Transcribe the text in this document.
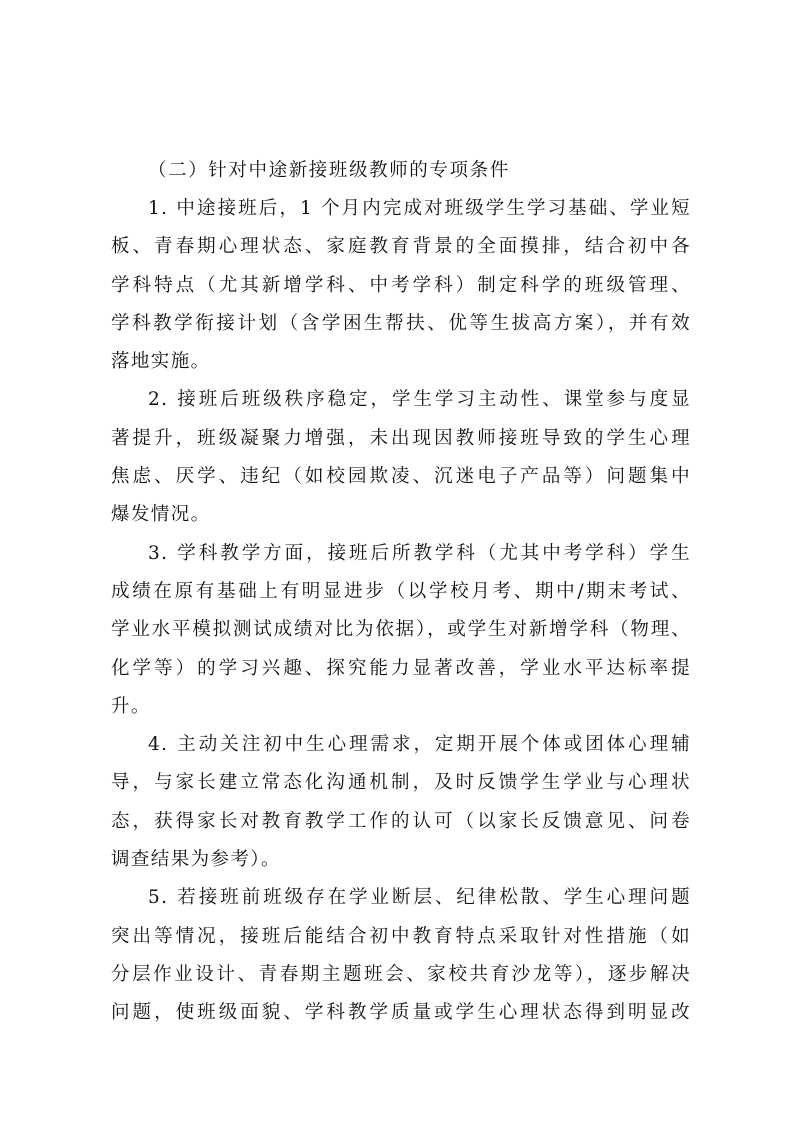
（二）针对中途新接班级教师的专项条件

1. 中途接班后，1 个月内完成对班级学生学习基础、学业短
板、青春期心理状态、家庭教育背景的全面摸排，结合初中各
学科特点（尤其新增学科、中考学科）制定科学的班级管理、
学科教学衔接计划（含学困生帮扶、优等生拔高方案），并有效
落地实施。
2. 接班后班级秩序稳定，学生学习主动性、课堂参与度显
著提升，班级凝聚力增强，未出现因教师接班导致的学生心理
焦虑、厌学、违纪（如校园欺凌、沉迷电子产品等）问题集中
爆发情况。
3. 学科教学方面，接班后所教学科（尤其中考学科）学生
成绩在原有基础上有明显进步（以学校月考、期中/期末考试、
学业水平模拟测试成绩对比为依据），或学生对新增学科（物理、
化学等）的学习兴趣、探究能力显著改善，学业水平达标率提
升。
4. 主动关注初中生心理需求，定期开展个体或团体心理辅
导，与家长建立常态化沟通机制，及时反馈学生学业与心理状
态，获得家长对教育教学工作的认可（以家长反馈意见、问卷
调查结果为参考）。
5. 若接班前班级存在学业断层、纪律松散、学生心理问题
突出等情况，接班后能结合初中教育特点采取针对性措施（如
分层作业设计、青春期主题班会、家校共育沙龙等），逐步解决
问题，使班级面貌、学科教学质量或学生心理状态得到明显改
